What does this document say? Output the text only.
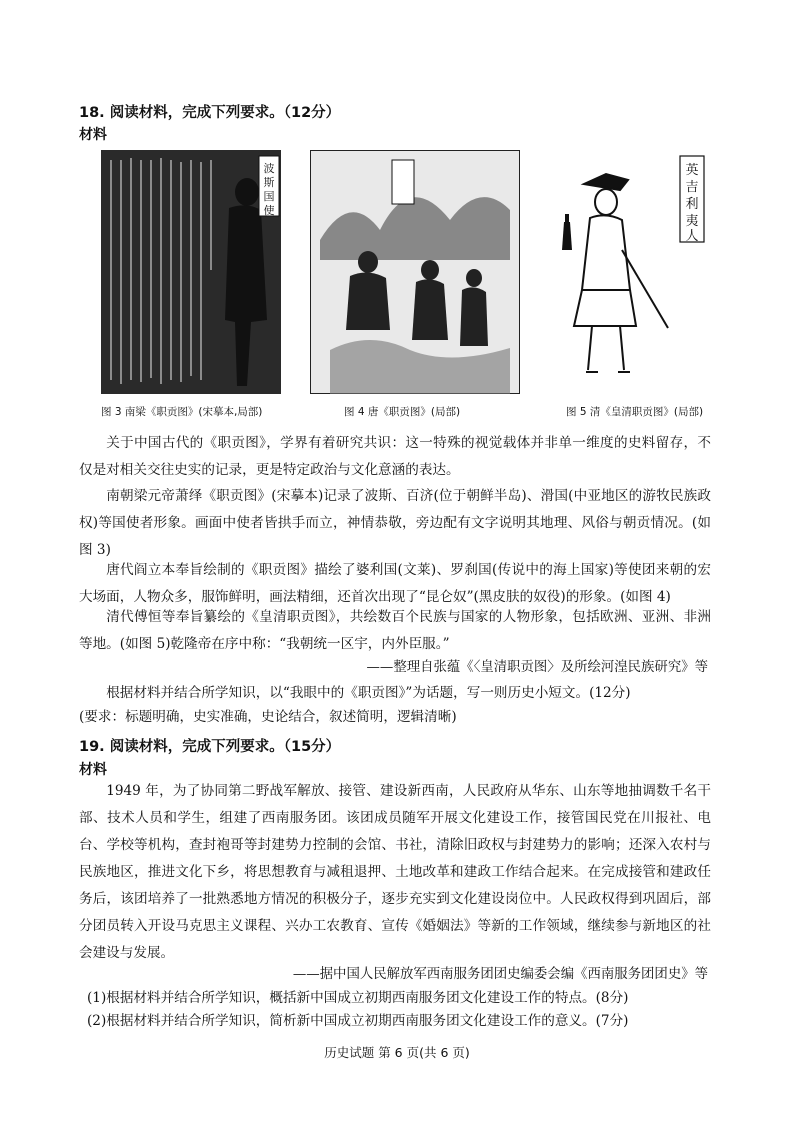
18. 阅读材料，完成下列要求。（12分）
材料
波
斯
国
使
图 3 南梁《职贡图》(宋摹本,局部)	图 4 唐《职贡图》(局部)
英
吉
利
夷
人
图 5 清《皇清职贡图》(局部)

关于中国古代的《职贡图》，学界有着研究共识：这一特殊的视觉载体并非单一维度的史料留存，不仅是对相关交往史实的记录，更是特定政治与文化意涵的表达。

南朝梁元帝萧绎《职贡图》(宋摹本)记录了波斯、百济(位于朝鲜半岛)、滑国(中亚地区的游牧民族政权)等国使者形象。画面中使者皆拱手而立，神情恭敬，旁边配有文字说明其地理、风俗与朝贡情况。(如图 3)

唐代阎立本奉旨绘制的《职贡图》描绘了婆利国(文莱)、罗刹国(传说中的海上国家)等使团来朝的宏大场面，人物众多，服饰鲜明，画法精细，还首次出现了“昆仑奴”(黑皮肤的奴役)的形象。(如图 4)

清代傅恒等奉旨纂绘的《皇清职贡图》，共绘数百个民族与国家的人物形象，包括欧洲、亚洲、非洲等地。(如图 5)乾隆帝在序中称：“我朝统一区宇，内外臣服。”

——整理自张蕴《〈皇清职贡图〉及所绘河湟民族研究》等

根据材料并结合所学知识，以“我眼中的《职贡图》”为话题，写一则历史小短文。(12分)

(要求：标题明确，史实准确，史论结合，叙述简明，逻辑清晰)

19. 阅读材料，完成下列要求。（15分）
材料

1949 年，为了协同第二野战军解放、接管、建设新西南，人民政府从华东、山东等地抽调数千名干部、技术人员和学生，组建了西南服务团。该团成员随军开展文化建设工作，接管国民党在川报社、电台、学校等机构，查封袍哥等封建势力控制的会馆、书社，清除旧政权与封建势力的影响；还深入农村与民族地区，推进文化下乡，将思想教育与减租退押、土地改革和建政工作结合起来。在完成接管和建政任务后，该团培养了一批熟悉地方情况的积极分子，逐步充实到文化建设岗位中。人民政权得到巩固后，部分团员转入开设马克思主义课程、兴办工农教育、宣传《婚姻法》等新的工作领域，继续参与新地区的社会建设与发展。

——据中国人民解放军西南服务团团史编委会编《西南服务团团史》等

(1)根据材料并结合所学知识，概括新中国成立初期西南服务团文化建设工作的特点。(8分)

(2)根据材料并结合所学知识，简析新中国成立初期西南服务团文化建设工作的意义。(7分)

历史试题 第 6 页(共 6 页)
